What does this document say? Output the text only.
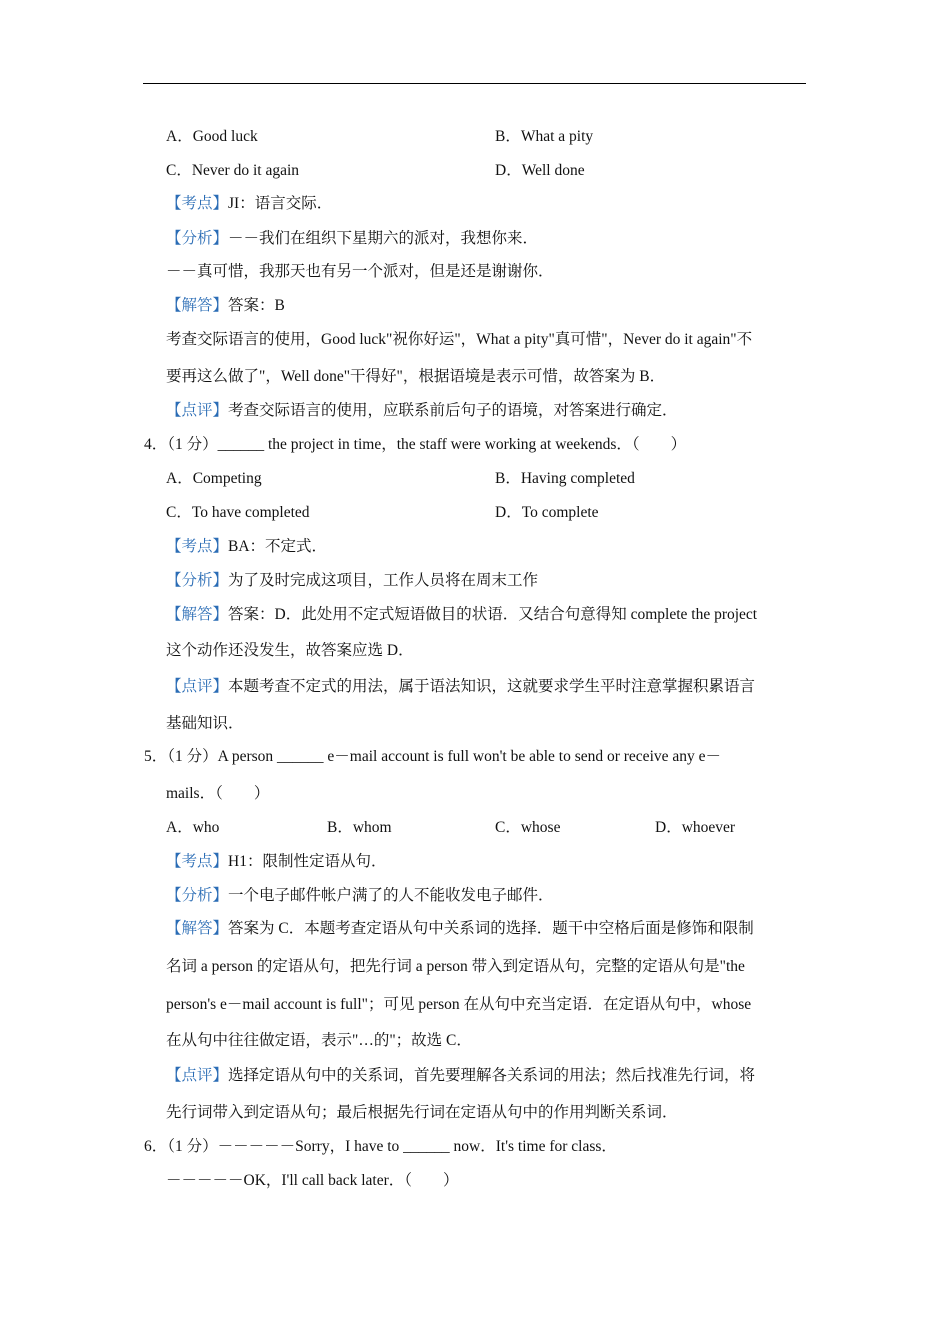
A．Good luck	B．What a pity
C．Never do it again	D．Well done
【考点】JI：语言交际．
【分析】－－我们在组织下星期六的派对，我想你来．
－－真可惜，我那天也有另一个派对，但是还是谢谢你．
【解答】答案：B
考查交际语言的使用，Good luck"祝你好运"，What a pity"真可惜"，Never do it again"不
要再这么做了"，Well done"干得好"，根据语境是表示可惜，故答案为 B．
【点评】考查交际语言的使用，应联系前后句子的语境，对答案进行确定．
4．（1 分）______ the project in time，the staff were working at weekends．（　　）
A．Competing	B．Having completed
C．To have completed	D．To complete
【考点】BA：不定式．
【分析】为了及时完成这项目，工作人员将在周末工作
【解答】答案：D．此处用不定式短语做目的状语．又结合句意得知 complete the project
这个动作还没发生，故答案应选 D．
【点评】本题考查不定式的用法，属于语法知识，这就要求学生平时注意掌握积累语言
基础知识．
5．（1 分）A person ______ e－mail account is full won't be able to send or receive any e－
mails．（　　）
A．who	B．whom	C．whose	D．whoever
【考点】H1：限制性定语从句．
【分析】一个电子邮件帐户满了的人不能收发电子邮件．
【解答】答案为 C．本题考查定语从句中关系词的选择．题干中空格后面是修饰和限制
名词 a person 的定语从句，把先行词 a person 带入到定语从句，完整的定语从句是"the
person's e－mail account is full"；可见 person 在从句中充当定语．在定语从句中，whose
在从句中往往做定语，表示"…的"；故选 C．
【点评】选择定语从句中的关系词，首先要理解各关系词的用法；然后找准先行词，将
先行词带入到定语从句；最后根据先行词在定语从句中的作用判断关系词．
6．（1 分）－－－－－Sorry，I have to ______ now．It's time for class．
－－－－－OK，I'll call back later．（　　）
